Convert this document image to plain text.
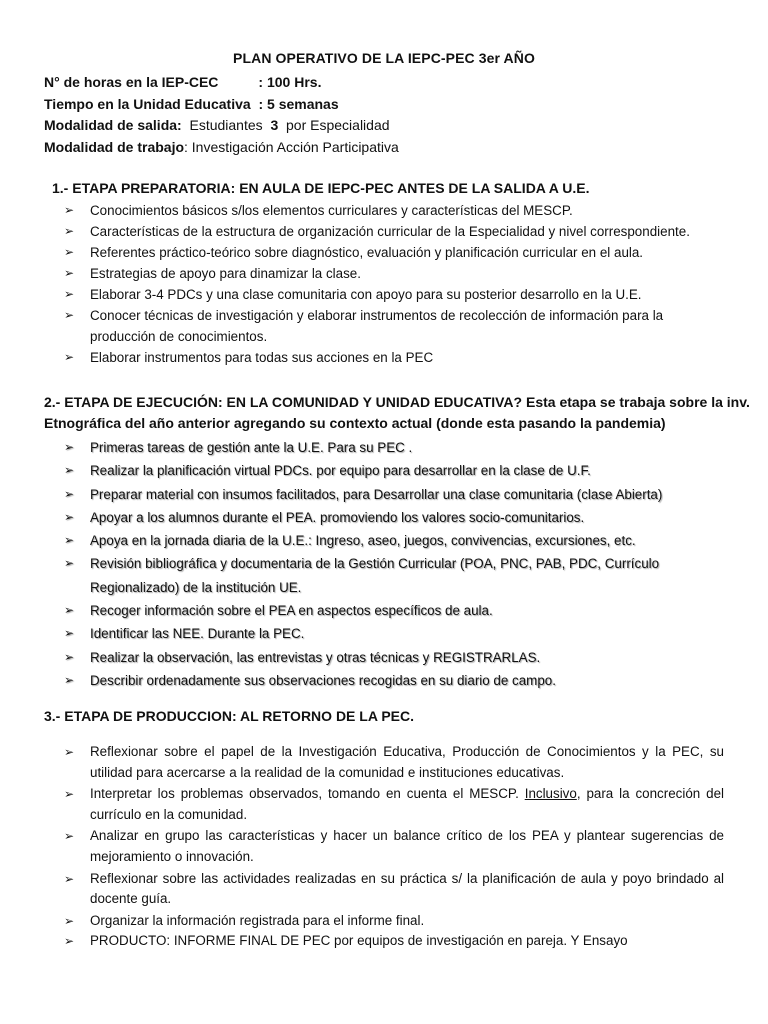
PLAN OPERATIVO DE LA IEPC-PEC 3er AÑO
N° de horas en la IEP-CEC	: 100 Hrs.
Tiempo en la Unidad Educativa : 5 semanas
Modalidad de salida: Estudiantes 3 por Especialidad
Modalidad de trabajo: Investigación Acción Participativa
1.- ETAPA PREPARATORIA: EN AULA DE IEPC-PEC ANTES DE LA SALIDA A U.E.
➢ Conocimientos básicos s/los elementos curriculares y características del MESCP.
➢ Características de la estructura de organización curricular de la Especialidad y nivel correspondiente.
➢ Referentes práctico-teórico sobre diagnóstico, evaluación y planificación curricular en el aula.
➢ Estrategias de apoyo para dinamizar la clase.
➢ Elaborar 3-4 PDCs y una clase comunitaria con apoyo para su posterior desarrollo en la U.E.
➢ Conocer técnicas de investigación y elaborar instrumentos de recolección de información para la producción de conocimientos.
➢ Elaborar instrumentos para todas sus acciones en la PEC
2.- ETAPA DE EJECUCIÓN: EN LA COMUNIDAD Y UNIDAD EDUCATIVA? Esta etapa se trabaja sobre la inv.
Etnográfica del año anterior agregando su contexto actual (donde esta pasando la pandemia)
➢ Primeras tareas de gestión ante la U.E. Para su PEC .
➢ Realizar la planificación virtual PDCs. por equipo para desarrollar en la clase de U.F.
➢ Preparar material con insumos facilitados, para Desarrollar una clase comunitaria (clase Abierta)
➢ Apoyar a los alumnos durante el PEA. promoviendo los valores socio-comunitarios.
➢ Apoya en la jornada diaria de la U.E.: Ingreso, aseo, juegos, convivencias, excursiones, etc.
➢ Revisión bibliográfica y documentaria de la Gestión Curricular (POA, PNC, PAB, PDC, Currículo Regionalizado) de la institución UE.
➢ Recoger información sobre el PEA en aspectos específicos de aula.
➢ Identificar las NEE. Durante la PEC.
➢ Realizar la observación, las entrevistas y otras técnicas y REGISTRARLAS.
➢ Describir ordenadamente sus observaciones recogidas en su diario de campo.
3.- ETAPA DE PRODUCCION: AL RETORNO DE LA PEC.
➢ Reflexionar sobre el papel de la Investigación Educativa, Producción de Conocimientos y la PEC, su utilidad para acercarse a la realidad de la comunidad e instituciones educativas.
➢ Interpretar los problemas observados, tomando en cuenta el MESCP. Inclusivo, para la concreción del currículo en la comunidad.
➢ Analizar en grupo las características y hacer un balance crítico de los PEA y plantear sugerencias de mejoramiento o innovación.
➢ Reflexionar sobre las actividades realizadas en su práctica s/ la planificación de aula y poyo brindado al docente guía.
➢ Organizar la información registrada para el informe final.
➢ PRODUCTO: INFORME FINAL DE PEC por equipos de investigación en pareja. Y Ensayo
